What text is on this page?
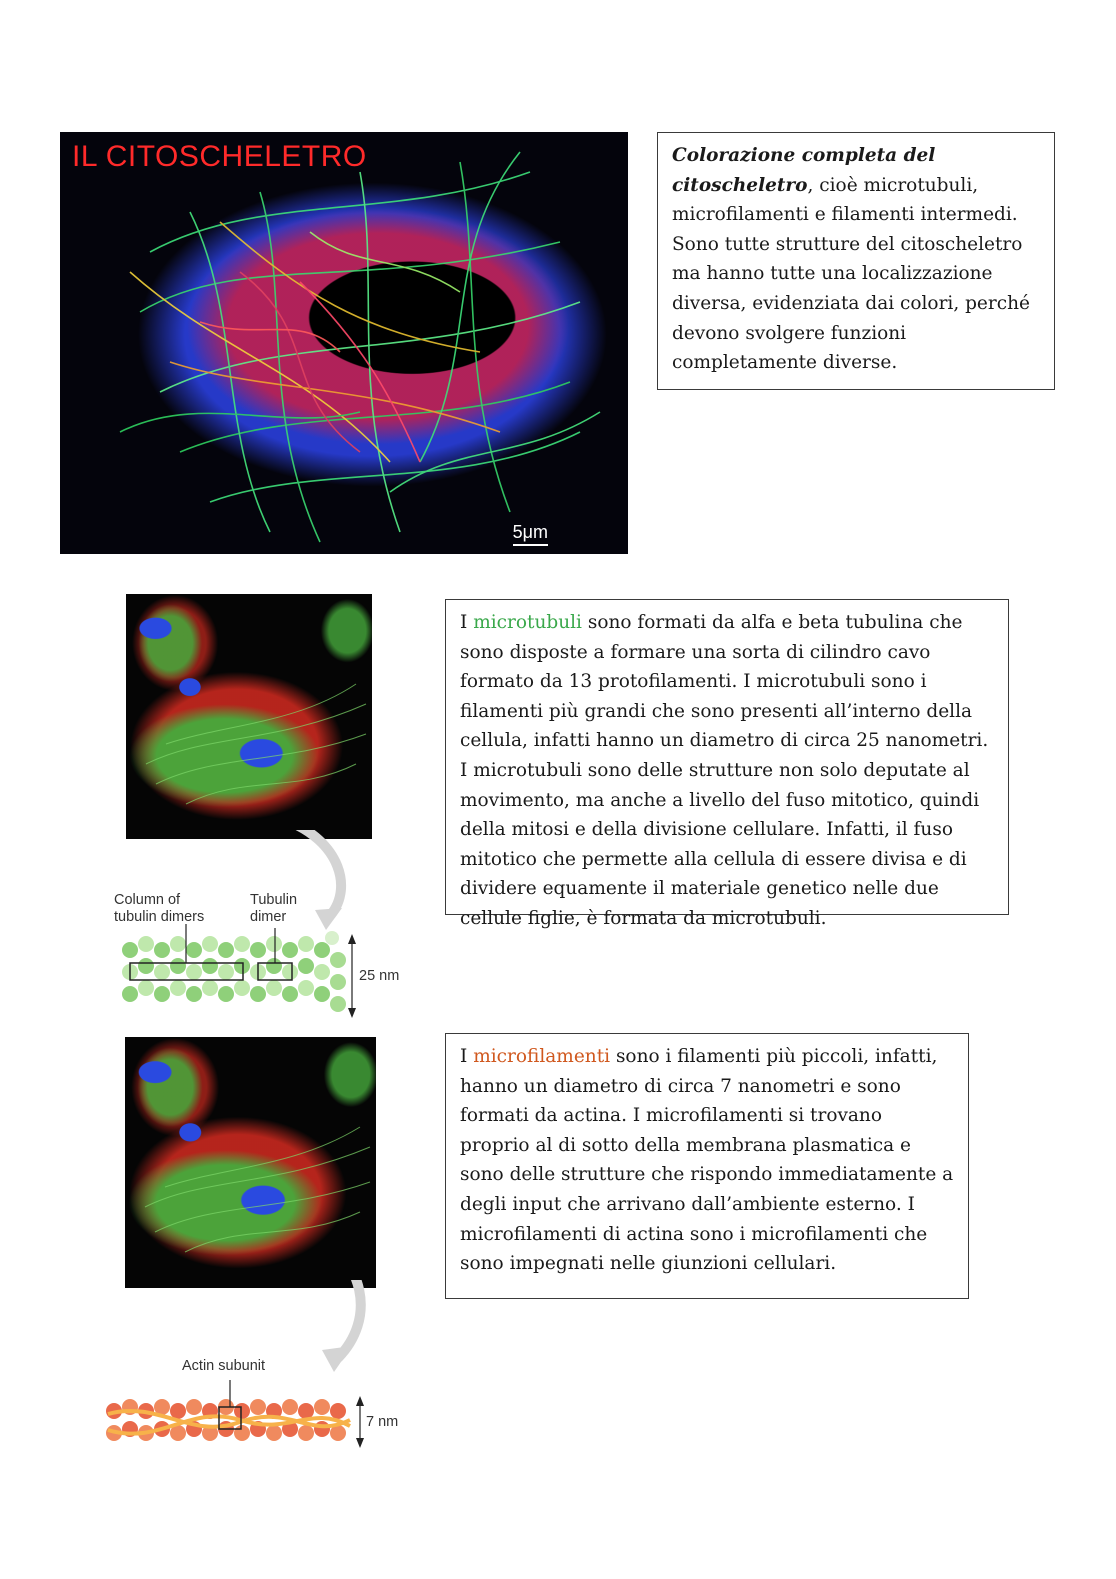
IL CITOSCHELETRO
5μm
Colorazione completa del citoscheletro, cioè microtubuli, microfilamenti e filamenti intermedi. Sono tutte strutture del citoscheletro ma hanno tutte una localizzazione diversa, evidenziata dai colori, perché devono svolgere funzioni completamente diverse.
Column of
tubulin dimers
Tubulin
dimer
25 nm
I microtubuli sono formati da alfa e beta tubulina che sono disposte a formare una sorta di cilindro cavo formato da 13 protofilamenti. I microtubuli sono i filamenti più grandi che sono presenti all’interno della cellula, infatti hanno un diametro di circa 25 nanometri. I microtubuli sono delle strutture non solo deputate al movimento, ma anche a livello del fuso mitotico, quindi della mitosi e della divisione cellulare. Infatti, il fuso mitotico che permette alla cellula di essere divisa e di dividere equamente il materiale genetico nelle due cellule figlie, è formata da microtubuli.
Actin subunit
7 nm
I microfilamenti sono i filamenti più piccoli, infatti, hanno un diametro di circa 7 nanometri e sono formati da actina. I microfilamenti si trovano proprio al di sotto della membrana plasmatica e sono delle strutture che rispondo immediatamente a degli input che arrivano dall’ambiente esterno. I microfilamenti di actina sono i microfilamenti che sono impegnati nelle giunzioni cellulari.
